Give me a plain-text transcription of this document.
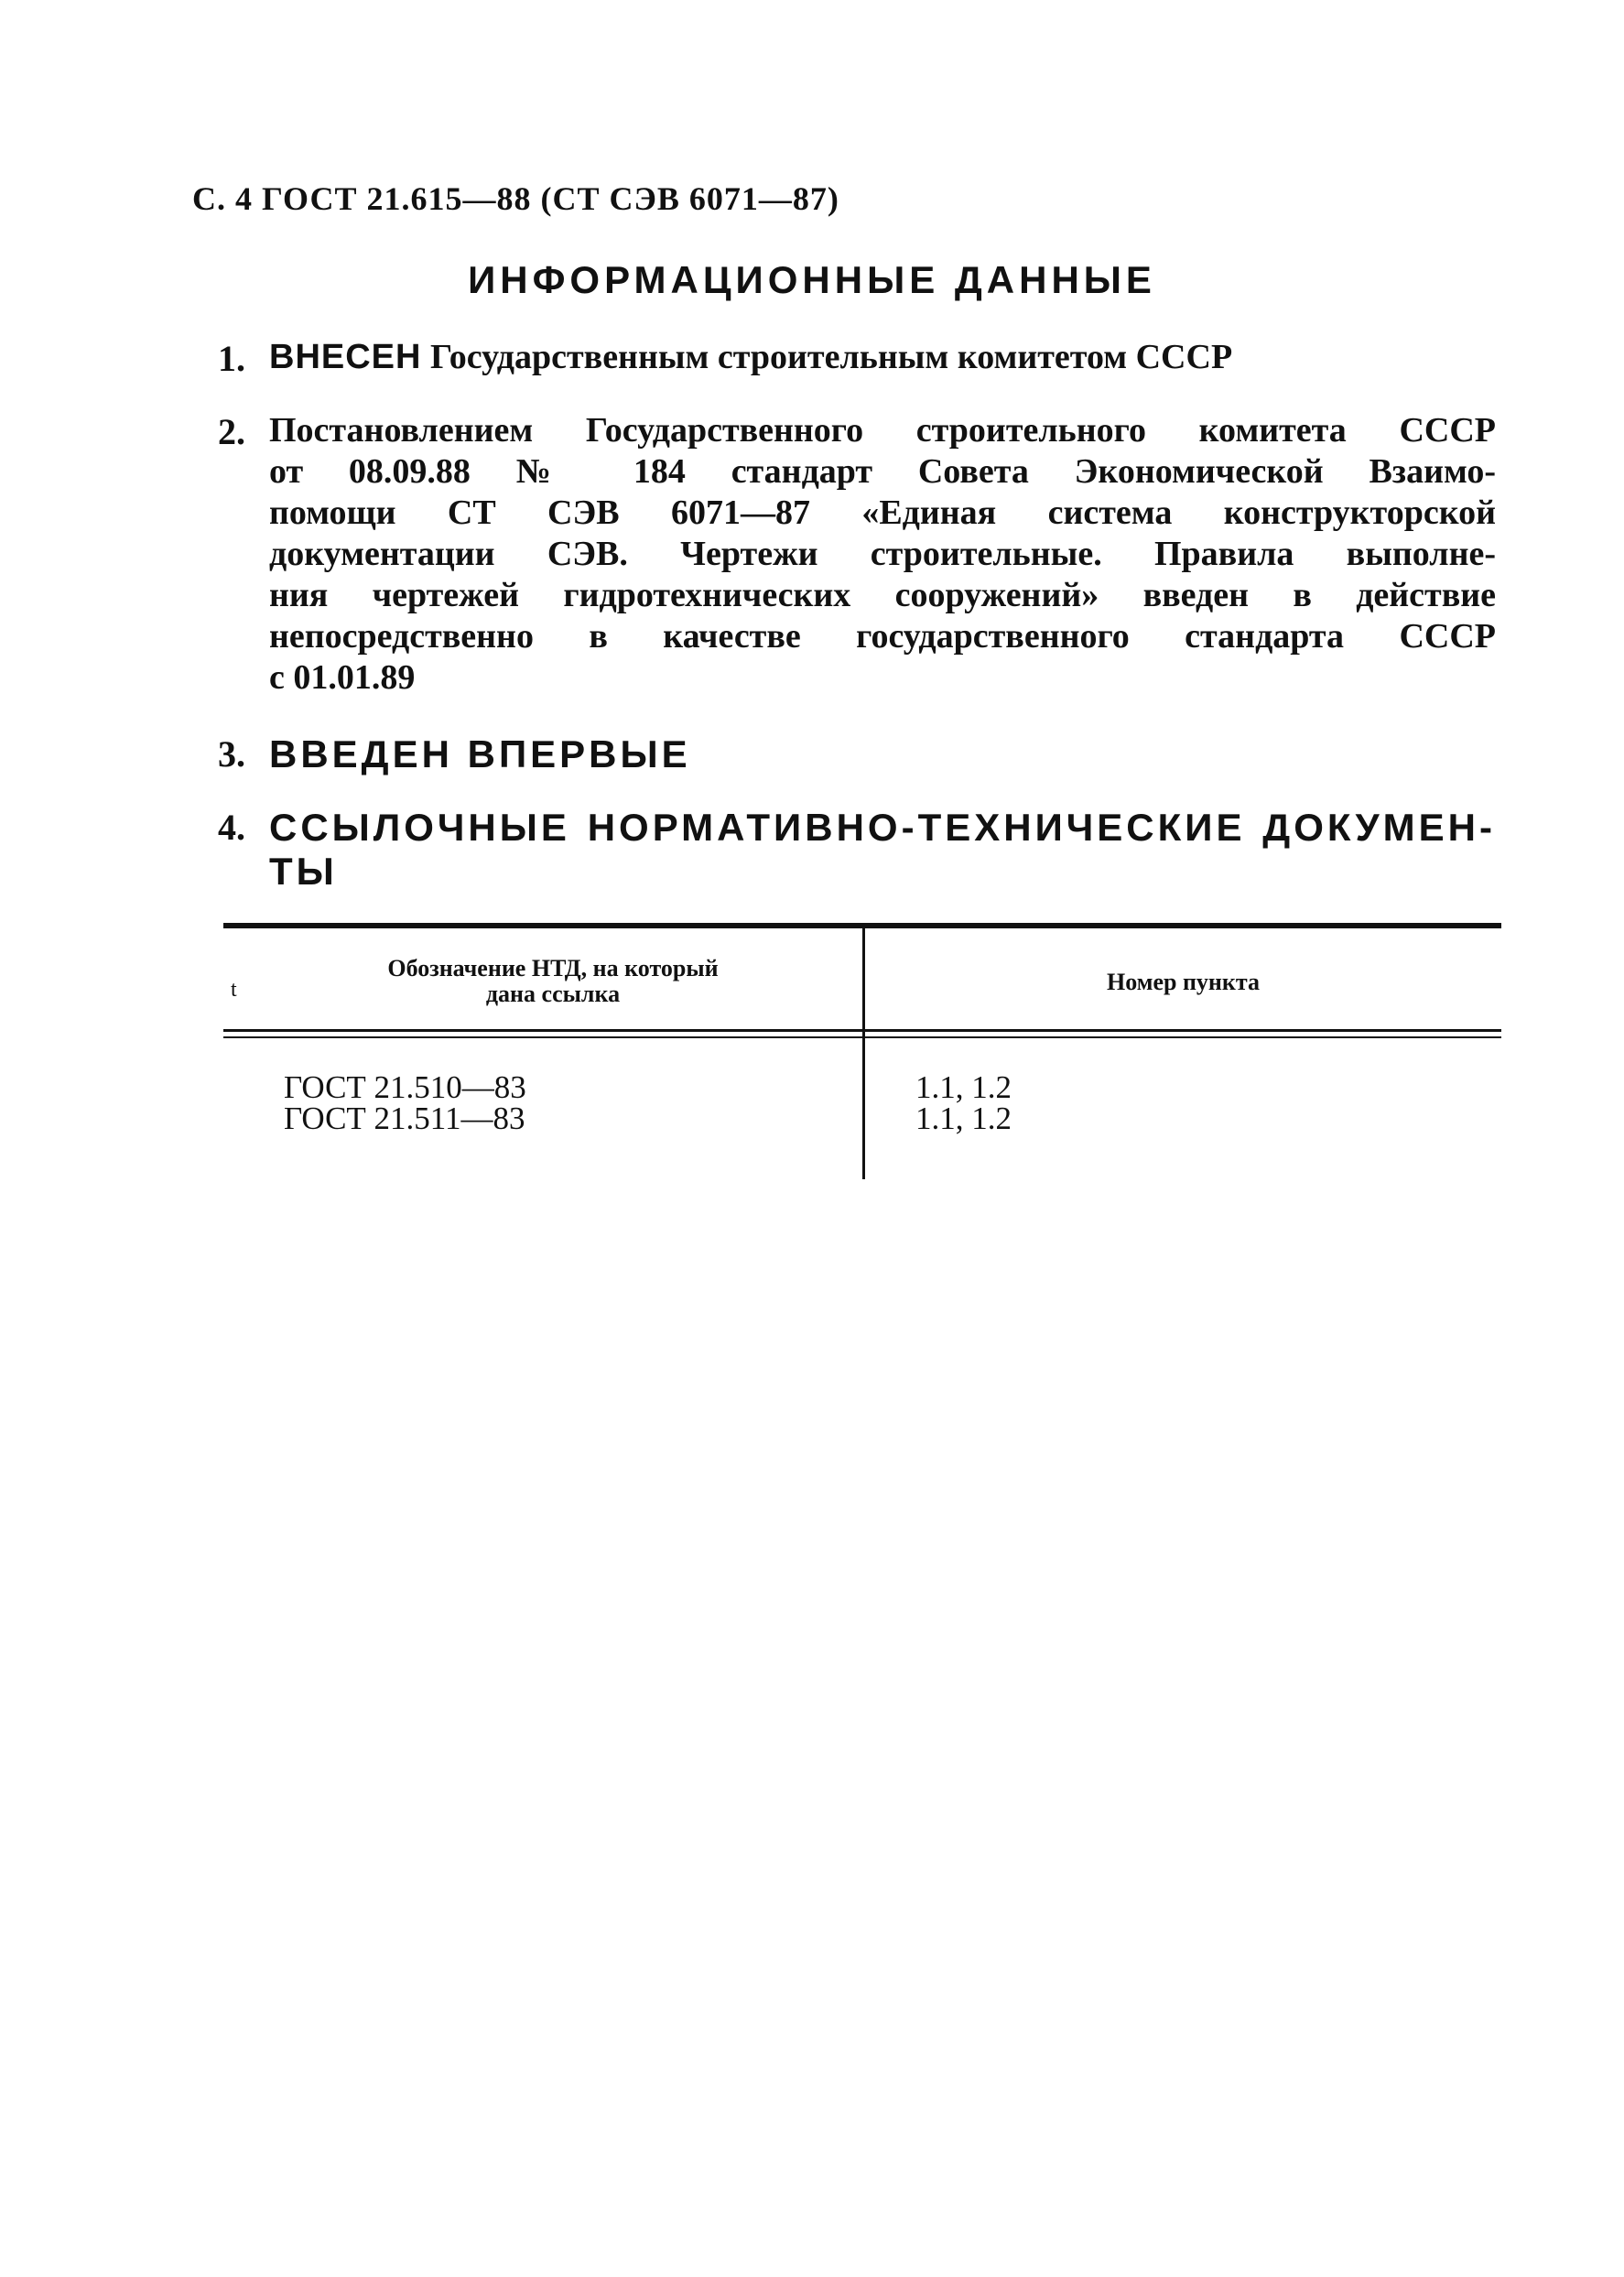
С. 4 ГОСТ 21.615—88 (СТ СЭВ 6071—87)
ИНФОРМАЦИОННЫЕ ДАННЫЕ
1. ВНЕСЕН Государственным строительным комитетом СССР
2. Постановлением Государственного строительного комитета СССР
от 08.09.88 № 184 стандарт Совета Экономической Взаимо-
помощи СТ СЭВ 6071—87 «Единая система конструкторской
документации СЭВ. Чертежи строительные. Правила выполне-
ния чертежей гидротехнических сооружений» введен в действие
непосредственно в качестве государственного стандарта СССР
с 01.01.89
3. ВВЕДЕН ВПЕРВЫЕ
4. ССЫЛОЧНЫЕ НОРМАТИВНО-ТЕХНИЧЕСКИЕ ДОКУМЕН-
ТЫ
t
Обозначение НТД, на который
дана ссылка	Номер пункта
ГОСТ 21.510—83	1.1, 1.2
ГОСТ 21.511—83	1.1, 1.2
